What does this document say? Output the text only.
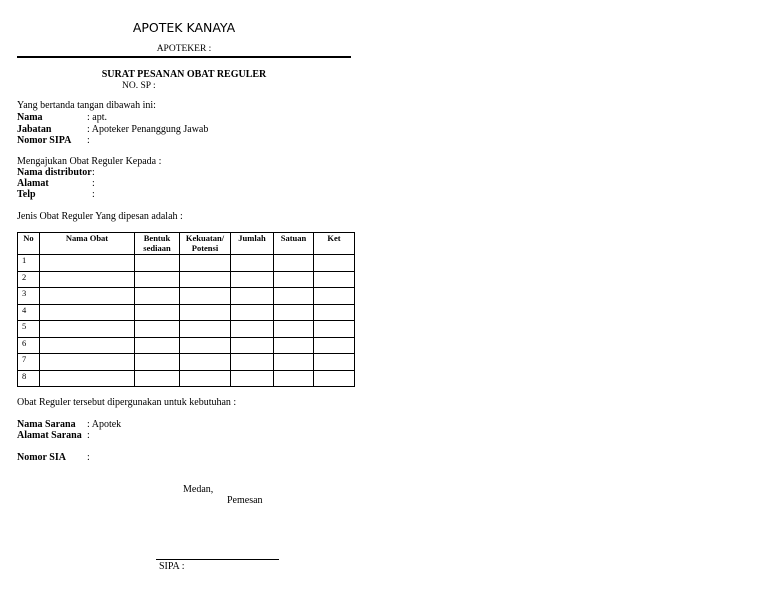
APOTEK KANAYA
APOTEKER :
SURAT PESANAN OBAT REGULER
NO. SP :
Yang bertanda tangan dibawah ini:
Nama	: apt.
Jabatan	: Apoteker Penanggung Jawab
Nomor SIPA :
Mengajukan Obat Reguler Kepada :
Nama distributor :
Alamat	:
Telp	:
Jenis Obat Reguler Yang dipesan adalah :
No	Nama Obat	Bentuk sediaan	Kekuatan/ Potensi	Jumlah	Satuan	Ket
1						
2						
3						
4						
5						
6						
7						
8						
Obat Reguler tersebut dipergunakan untuk kebutuhan :
Nama Sarana : Apotek
Alamat Sarana :
Nomor SIA :
Medan,
Pemesan
SIPA :
